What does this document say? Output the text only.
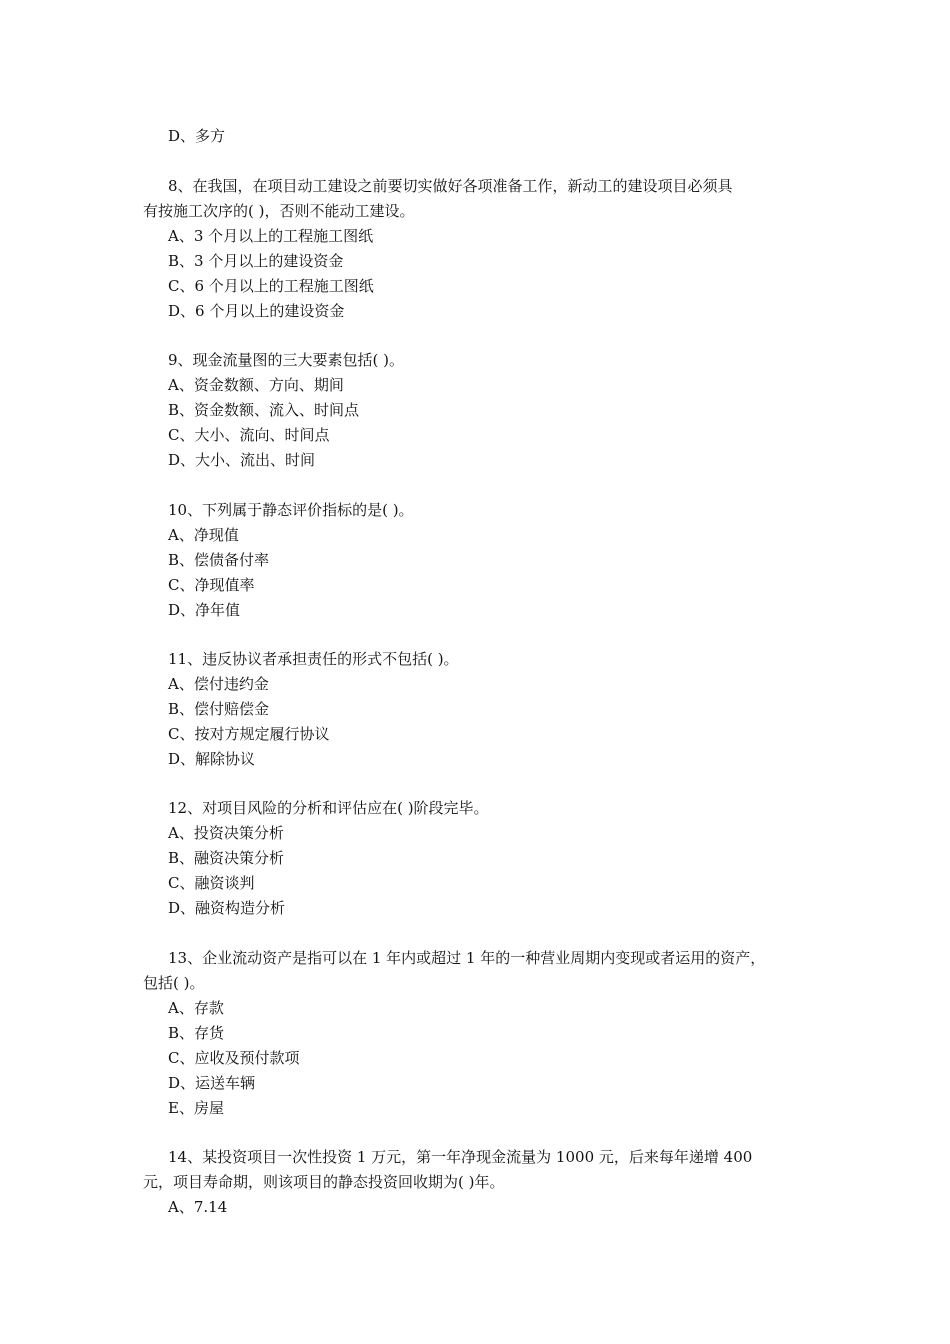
D、多方
8、在我国，在项目动工建设之前要切实做好各项准备工作，新动工的建设项目必须具
有按施工次序的( )，否则不能动工建设。
A、3 个月以上的工程施工图纸
B、3 个月以上的建设资金
C、6 个月以上的工程施工图纸
D、6 个月以上的建设资金
9、现金流量图的三大要素包括( )。
A、资金数额、方向、期间
B、资金数额、流入、时间点
C、大小、流向、时间点
D、大小、流出、时间
10、下列属于静态评价指标的是( )。
A、净现值
B、偿债备付率
C、净现值率
D、净年值
11、违反协议者承担责任的形式不包括( )。
A、偿付违约金
B、偿付赔偿金
C、按对方规定履行协议
D、解除协议
12、对项目风险的分析和评估应在( )阶段完毕。
A、投资决策分析
B、融资决策分析
C、融资谈判
D、融资构造分析
13、企业流动资产是指可以在 1 年内或超过 1 年的一种营业周期内变现或者运用的资产，
包括( )。
A、存款
B、存货
C、应收及预付款项
D、运送车辆
E、房屋
14、某投资项目一次性投资 1 万元，第一年净现金流量为 1000 元，后来每年递增 400
元，项目寿命期，则该项目的静态投资回收期为( )年。
A、7.14
